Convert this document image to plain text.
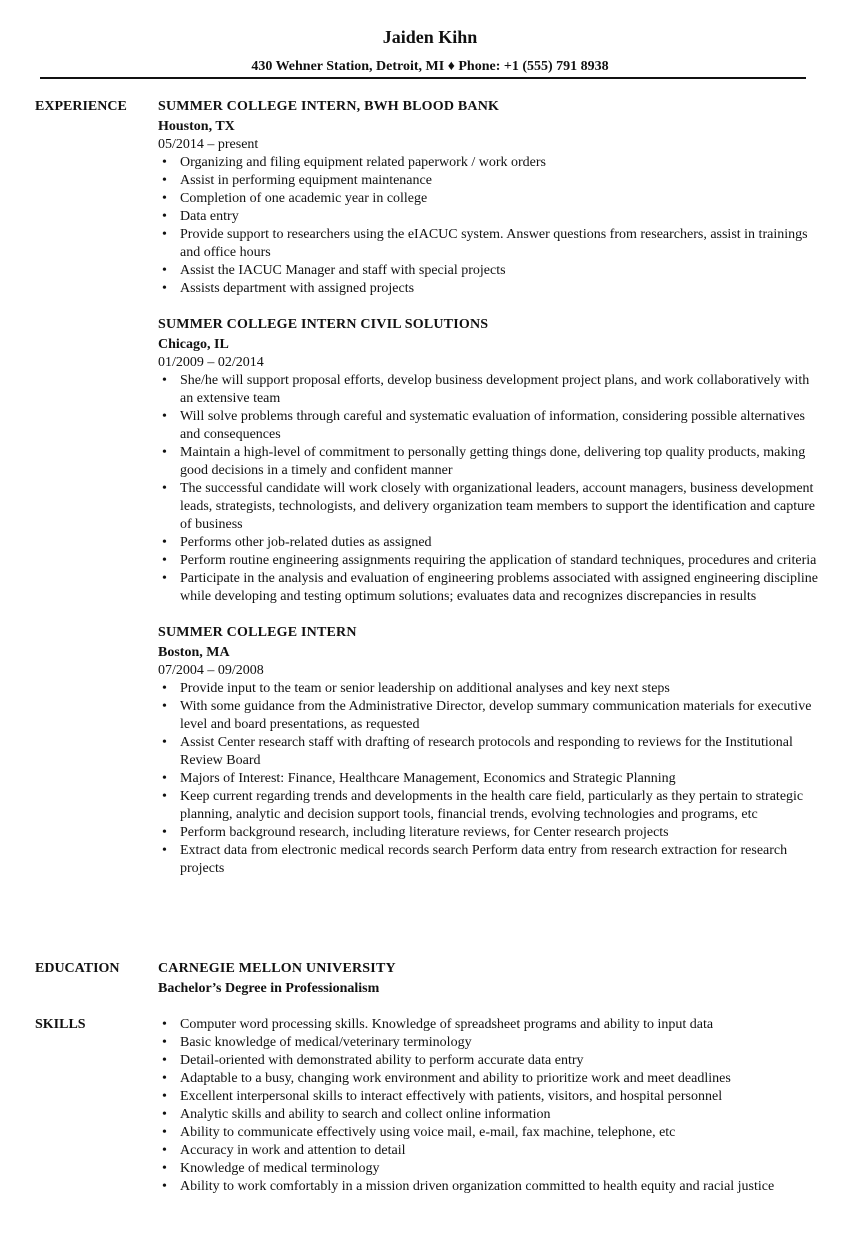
Jaiden Kihn
430 Wehner Station, Detroit, MI ♦ Phone: +1 (555) 791 8938
EXPERIENCE	SUMMER COLLEGE INTERN, BWH BLOOD BANK
Houston, TX
05/2014 – present
• Organizing and filing equipment related paperwork / work orders
• Assist in performing equipment maintenance
• Completion of one academic year in college
• Data entry
• Provide support to researchers using the eIACUC system. Answer questions from researchers, assist in trainings and office hours
• Assist the IACUC Manager and staff with special projects
• Assists department with assigned projects
SUMMER COLLEGE INTERN CIVIL SOLUTIONS
Chicago, IL
01/2009 – 02/2014
• She/he will support proposal efforts, develop business development project plans, and work collaboratively with an extensive team
• Will solve problems through careful and systematic evaluation of information, considering possible alternatives and consequences
• Maintain a high-level of commitment to personally getting things done, delivering top quality products, making good decisions in a timely and confident manner
• The successful candidate will work closely with organizational leaders, account managers, business development leads, strategists, technologists, and delivery organization team members to support the identification and capture of business
• Performs other job-related duties as assigned
• Perform routine engineering assignments requiring the application of standard techniques, procedures and criteria
• Participate in the analysis and evaluation of engineering problems associated with assigned engineering discipline while developing and testing optimum solutions; evaluates data and recognizes discrepancies in results
SUMMER COLLEGE INTERN
Boston, MA
07/2004 – 09/2008
• Provide input to the team or senior leadership on additional analyses and key next steps
• With some guidance from the Administrative Director, develop summary communication materials for executive level and board presentations, as requested
• Assist Center research staff with drafting of research protocols and responding to reviews for the Institutional Review Board
• Majors of Interest: Finance, Healthcare Management, Economics and Strategic Planning
• Keep current regarding trends and developments in the health care field, particularly as they pertain to strategic planning, analytic and decision support tools, financial trends, evolving technologies and programs, etc
• Perform background research, including literature reviews, for Center research projects
• Extract data from electronic medical records search Perform data entry from research extraction for research projects
EDUCATION	CARNEGIE MELLON UNIVERSITY
Bachelor’s Degree in Professionalism
SKILLS	• Computer word processing skills. Knowledge of spreadsheet programs and ability to input data
• Basic knowledge of medical/veterinary terminology
• Detail-oriented with demonstrated ability to perform accurate data entry
• Adaptable to a busy, changing work environment and ability to prioritize work and meet deadlines
• Excellent interpersonal skills to interact effectively with patients, visitors, and hospital personnel
• Analytic skills and ability to search and collect online information
• Ability to communicate effectively using voice mail, e-mail, fax machine, telephone, etc
• Accuracy in work and attention to detail
• Knowledge of medical terminology
• Ability to work comfortably in a mission driven organization committed to health equity and racial justice
